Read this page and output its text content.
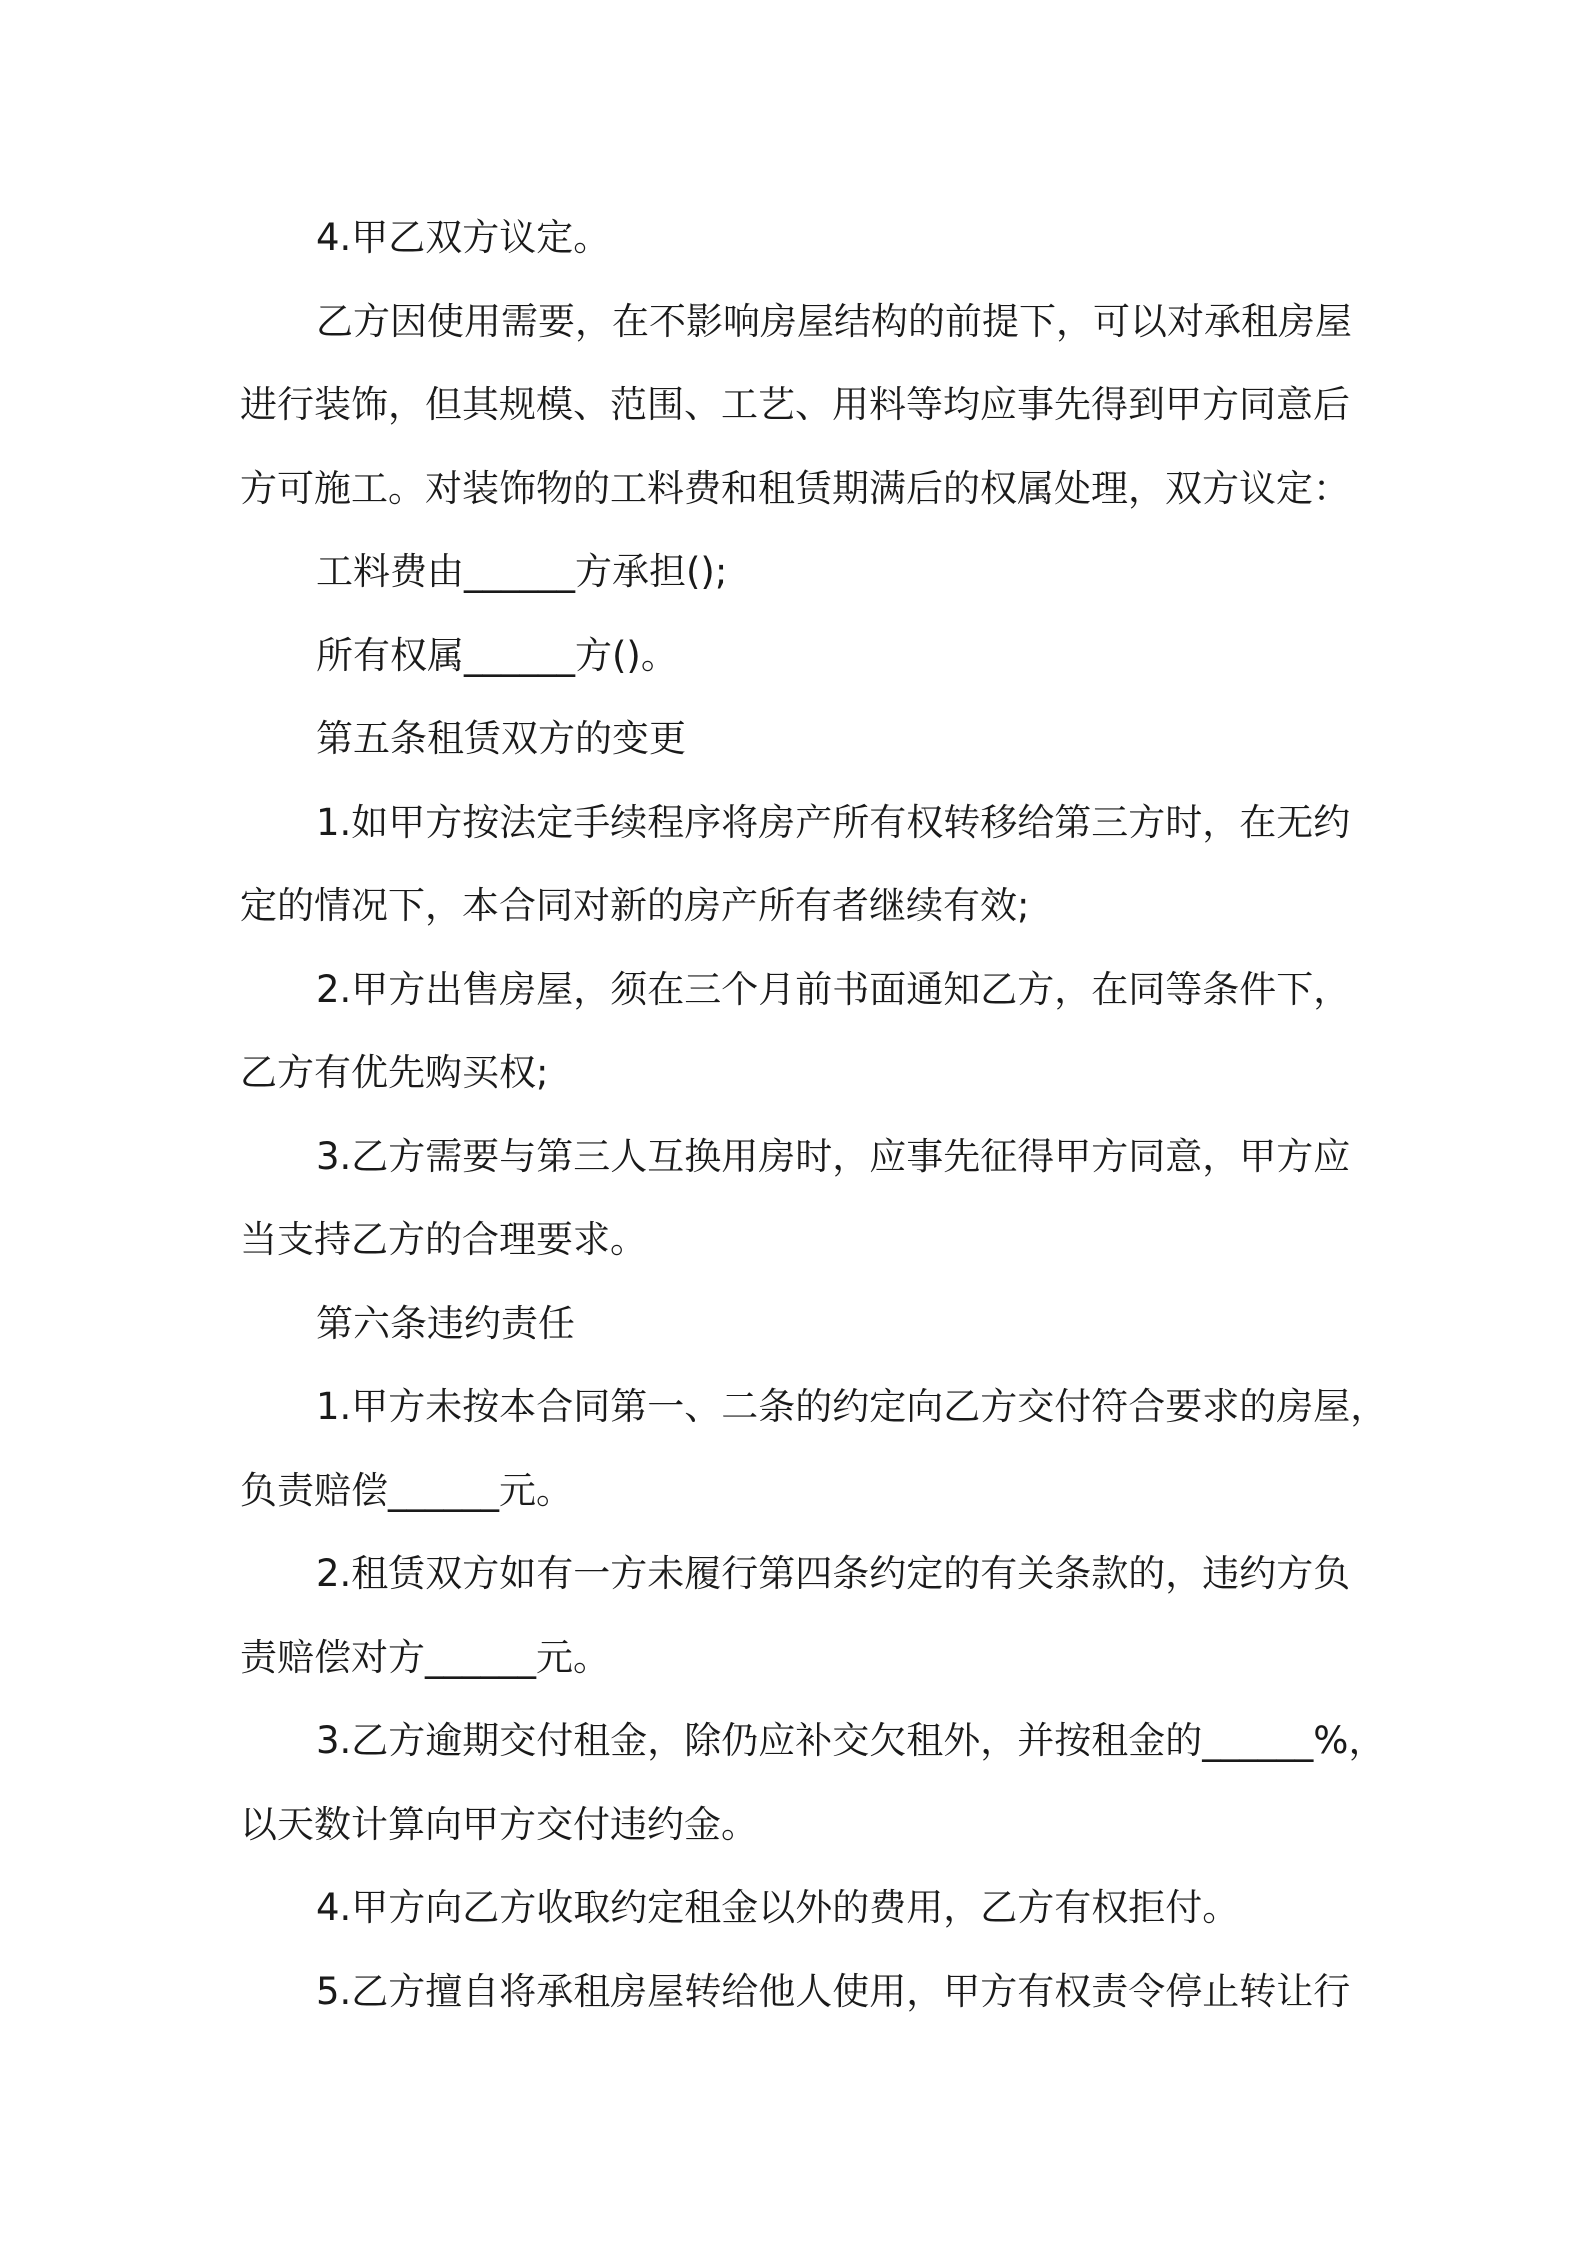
4.甲乙双方议定。

乙方因使用需要，在不影响房屋结构的前提下，可以对承租房屋

进行装饰，但其规模、范围、工艺、用料等均应事先得到甲方同意后

方可施工。对装饰物的工料费和租赁期满后的权属处理，双方议定：

工料费由______方承担();

所有权属______方()。

第五条租赁双方的变更

1.如甲方按法定手续程序将房产所有权转移给第三方时，在无约

定的情况下，本合同对新的房产所有者继续有效;

2.甲方出售房屋，须在三个月前书面通知乙方，在同等条件下，

乙方有优先购买权;

3.乙方需要与第三人互换用房时，应事先征得甲方同意，甲方应

当支持乙方的合理要求。

第六条违约责任

1.甲方未按本合同第一、二条的约定向乙方交付符合要求的房屋，

负责赔偿______元。

2.租赁双方如有一方未履行第四条约定的有关条款的，违约方负

责赔偿对方______元。

3.乙方逾期交付租金，除仍应补交欠租外，并按租金的______%，

以天数计算向甲方交付违约金。

4.甲方向乙方收取约定租金以外的费用，乙方有权拒付。

5.乙方擅自将承租房屋转给他人使用，甲方有权责令停止转让行
